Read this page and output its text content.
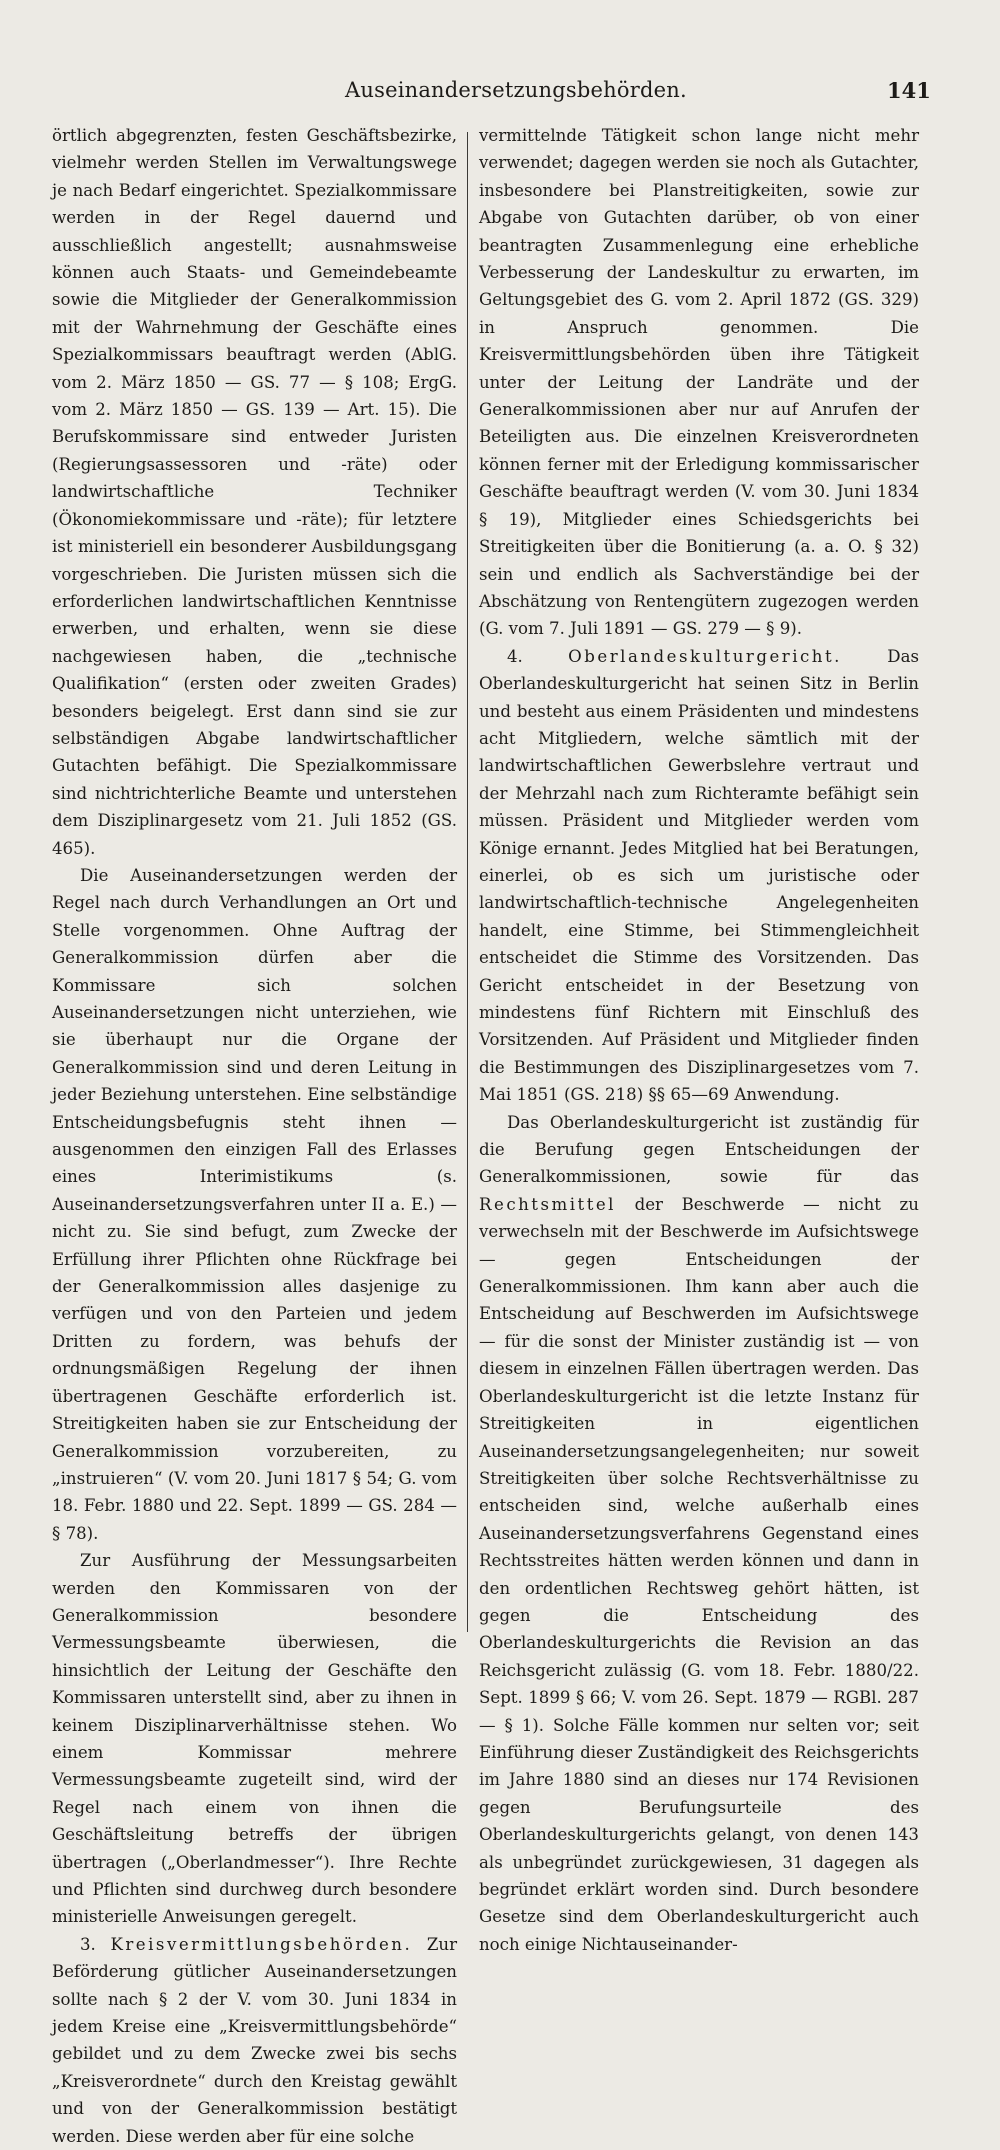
Auseinandersetzungsbehörden.	141

örtlich abgegrenzten, festen Geschäftsbezirke, vielmehr werden Stellen im Verwaltungswege je nach Bedarf eingerichtet. Spezialkommissare werden in der Regel dauernd und ausschließlich angestellt; ausnahmsweise können auch Staats- und Gemeindebeamte sowie die Mitglieder der Generalkommission mit der Wahrnehmung der Geschäfte eines Spezialkommissars beauftragt werden (AblG. vom 2. März 1850 — GS. 77 — § 108; ErgG. vom 2. März 1850 — GS. 139 — Art. 15). Die Berufskommissare sind entweder Juristen (Regierungsassessoren und -räte) oder landwirtschaftliche Techniker (Ökonomiekommissare und -räte); für letztere ist ministeriell ein besonderer Ausbildungsgang vorgeschrieben. Die Juristen müssen sich die erforderlichen landwirtschaftlichen Kenntnisse erwerben, und erhalten, wenn sie diese nachgewiesen haben, die „technische Qualifikation“ (ersten oder zweiten Grades) besonders beigelegt. Erst dann sind sie zur selbständigen Abgabe landwirtschaftlicher Gutachten befähigt. Die Spezialkommissare sind nichtrichterliche Beamte und unterstehen dem Disziplinargesetz vom 21. Juli 1852 (GS. 465).

Die Auseinandersetzungen werden der Regel nach durch Verhandlungen an Ort und Stelle vorgenommen. Ohne Auftrag der Generalkommission dürfen aber die Kommissare sich solchen Auseinandersetzungen nicht unterziehen, wie sie überhaupt nur die Organe der Generalkommission sind und deren Leitung in jeder Beziehung unterstehen. Eine selbständige Entscheidungsbefugnis steht ihnen — ausgenommen den einzigen Fall des Erlasses eines Interimistikums (s. Auseinandersetzungsverfahren unter II a. E.) — nicht zu. Sie sind befugt, zum Zwecke der Erfüllung ihrer Pflichten ohne Rückfrage bei der Generalkommission alles dasjenige zu verfügen und von den Parteien und jedem Dritten zu fordern, was behufs der ordnungsmäßigen Regelung der ihnen übertragenen Geschäfte erforderlich ist. Streitigkeiten haben sie zur Entscheidung der Generalkommission vorzubereiten, zu „instruieren“ (V. vom 20. Juni 1817 § 54; G. vom 18. Febr. 1880 und 22. Sept. 1899 — GS. 284 — § 78).

Zur Ausführung der Messungsarbeiten werden den Kommissaren von der Generalkommission besondere Vermessungsbeamte überwiesen, die hinsichtlich der Leitung der Geschäfte den Kommissaren unterstellt sind, aber zu ihnen in keinem Disziplinarverhältnisse stehen. Wo einem Kommissar mehrere Vermessungsbeamte zugeteilt sind, wird der Regel nach einem von ihnen die Geschäftsleitung betreffs der übrigen übertragen („Oberlandmesser“). Ihre Rechte und Pflichten sind durchweg durch besondere ministerielle Anweisungen geregelt.

3. Kreisvermittlungsbehörden. Zur Beförderung gütlicher Auseinandersetzungen sollte nach § 2 der V. vom 30. Juni 1834 in jedem Kreise eine „Kreisvermittlungsbehörde“ gebildet und zu dem Zwecke zwei bis sechs „Kreisverordnete“ durch den Kreistag gewählt und von der Generalkommission bestätigt werden. Diese werden aber für eine solche

vermittelnde Tätigkeit schon lange nicht mehr verwendet; dagegen werden sie noch als Gutachter, insbesondere bei Planstreitigkeiten, sowie zur Abgabe von Gutachten darüber, ob von einer beantragten Zusammenlegung eine erhebliche Verbesserung der Landeskultur zu erwarten, im Geltungsgebiet des G. vom 2. April 1872 (GS. 329) in Anspruch genommen. Die Kreisvermittlungsbehörden üben ihre Tätigkeit unter der Leitung der Landräte und der Generalkommissionen aber nur auf Anrufen der Beteiligten aus. Die einzelnen Kreisverordneten können ferner mit der Erledigung kommissarischer Geschäfte beauftragt werden (V. vom 30. Juni 1834 § 19), Mitglieder eines Schiedsgerichts bei Streitigkeiten über die Bonitierung (a. a. O. § 32) sein und endlich als Sachverständige bei der Abschätzung von Rentengütern zugezogen werden (G. vom 7. Juli 1891 — GS. 279 — § 9).

4.	Oberlandeskulturgericht.	Das Oberlandeskulturgericht hat seinen Sitz in Berlin und besteht aus einem Präsidenten und mindestens acht Mitgliedern, welche sämtlich mit der landwirtschaftlichen Gewerbslehre vertraut und der Mehrzahl nach zum Richteramte befähigt sein müssen. Präsident und Mitglieder werden vom Könige ernannt. Jedes Mitglied hat bei Beratungen, einerlei, ob es sich um juristische oder landwirtschaftlich-technische Angelegenheiten handelt, eine Stimme, bei Stimmengleichheit entscheidet die Stimme des Vorsitzenden. Das Gericht entscheidet in der Besetzung von mindestens fünf Richtern mit Einschluß des Vorsitzenden. Auf Präsident und Mitglieder finden die Bestimmungen des Disziplinargesetzes vom 7. Mai 1851 (GS. 218) §§ 65—69 Anwendung.

Das Oberlandeskulturgericht ist zuständig für die Berufung gegen Entscheidungen der Generalkommissionen, sowie für das Rechtsmittel der Beschwerde — nicht zu verwechseln mit der Beschwerde im Aufsichtswege — gegen Entscheidungen der Generalkommissionen. Ihm kann aber auch die Entscheidung auf Beschwerden im Aufsichtswege — für die sonst der Minister zuständig ist — von diesem in einzelnen Fällen übertragen werden. Das Oberlandeskulturgericht ist die letzte Instanz für Streitigkeiten in eigentlichen Auseinandersetzungsangelegenheiten; nur soweit Streitigkeiten über solche Rechtsverhältnisse zu entscheiden sind, welche außerhalb eines Auseinandersetzungsverfahrens Gegenstand eines Rechtsstreites hätten werden können und dann in den ordentlichen Rechtsweg gehört hätten, ist gegen die Entscheidung des Oberlandeskulturgerichts die Revision an das Reichsgericht zulässig (G. vom 18. Febr. 1880/22. Sept. 1899 § 66; V. vom 26. Sept. 1879 — RGBl. 287 — § 1). Solche Fälle kommen nur selten vor; seit Einführung dieser Zuständigkeit des Reichsgerichts im Jahre 1880 sind an dieses nur 174 Revisionen gegen Berufungsurteile des Oberlandeskulturgerichts gelangt, von denen 143 als unbegründet zurückgewiesen, 31 dagegen als begründet erklärt worden sind. Durch besondere Gesetze sind dem Oberlandeskulturgericht auch noch einige Nichtauseinander-
